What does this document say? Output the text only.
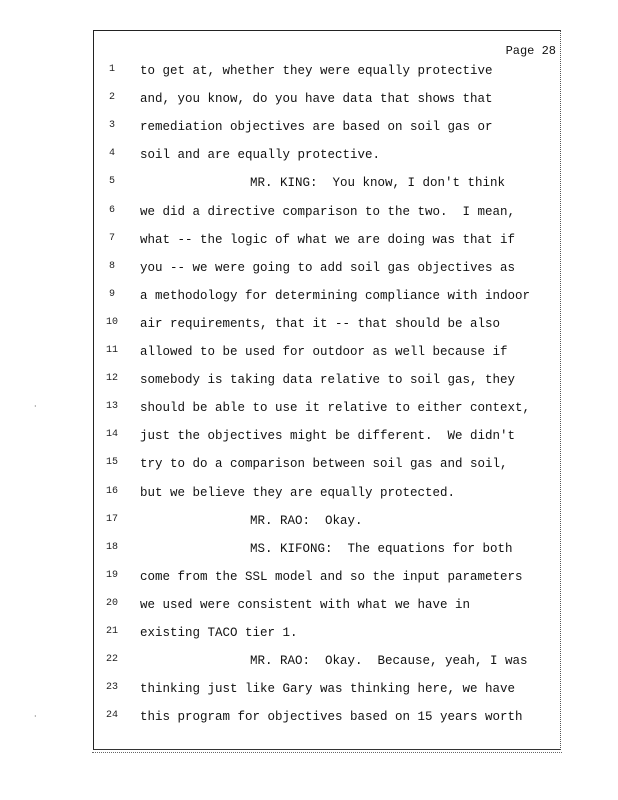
Page 28
1	to get at, whether they were equally protective
2	and, you know, do you have data that shows that
3	remediation objectives are based on soil gas or
4	soil and are equally protective.
5	MR. KING:  You know, I don't think
6	we did a directive comparison to the two.  I mean,
7	what -- the logic of what we are doing was that if
8	you -- we were going to add soil gas objectives as
9	a methodology for determining compliance with indoor
10	air requirements, that it -- that should be also
11	allowed to be used for outdoor as well because if
12	somebody is taking data relative to soil gas, they
13	should be able to use it relative to either context,
14	just the objectives might be different.  We didn't
15	try to do a comparison between soil gas and soil,
16	but we believe they are equally protected.
17	MR. RAO:  Okay.
18	MS. KIFONG:  The equations for both
19	come from the SSL model and so the input parameters
20	we used were consistent with what we have in
21	existing TACO tier 1.
22	MR. RAO:  Okay.  Because, yeah, I was
23	thinking just like Gary was thinking here, we have
24	this program for objectives based on 15 years worth
·
·
